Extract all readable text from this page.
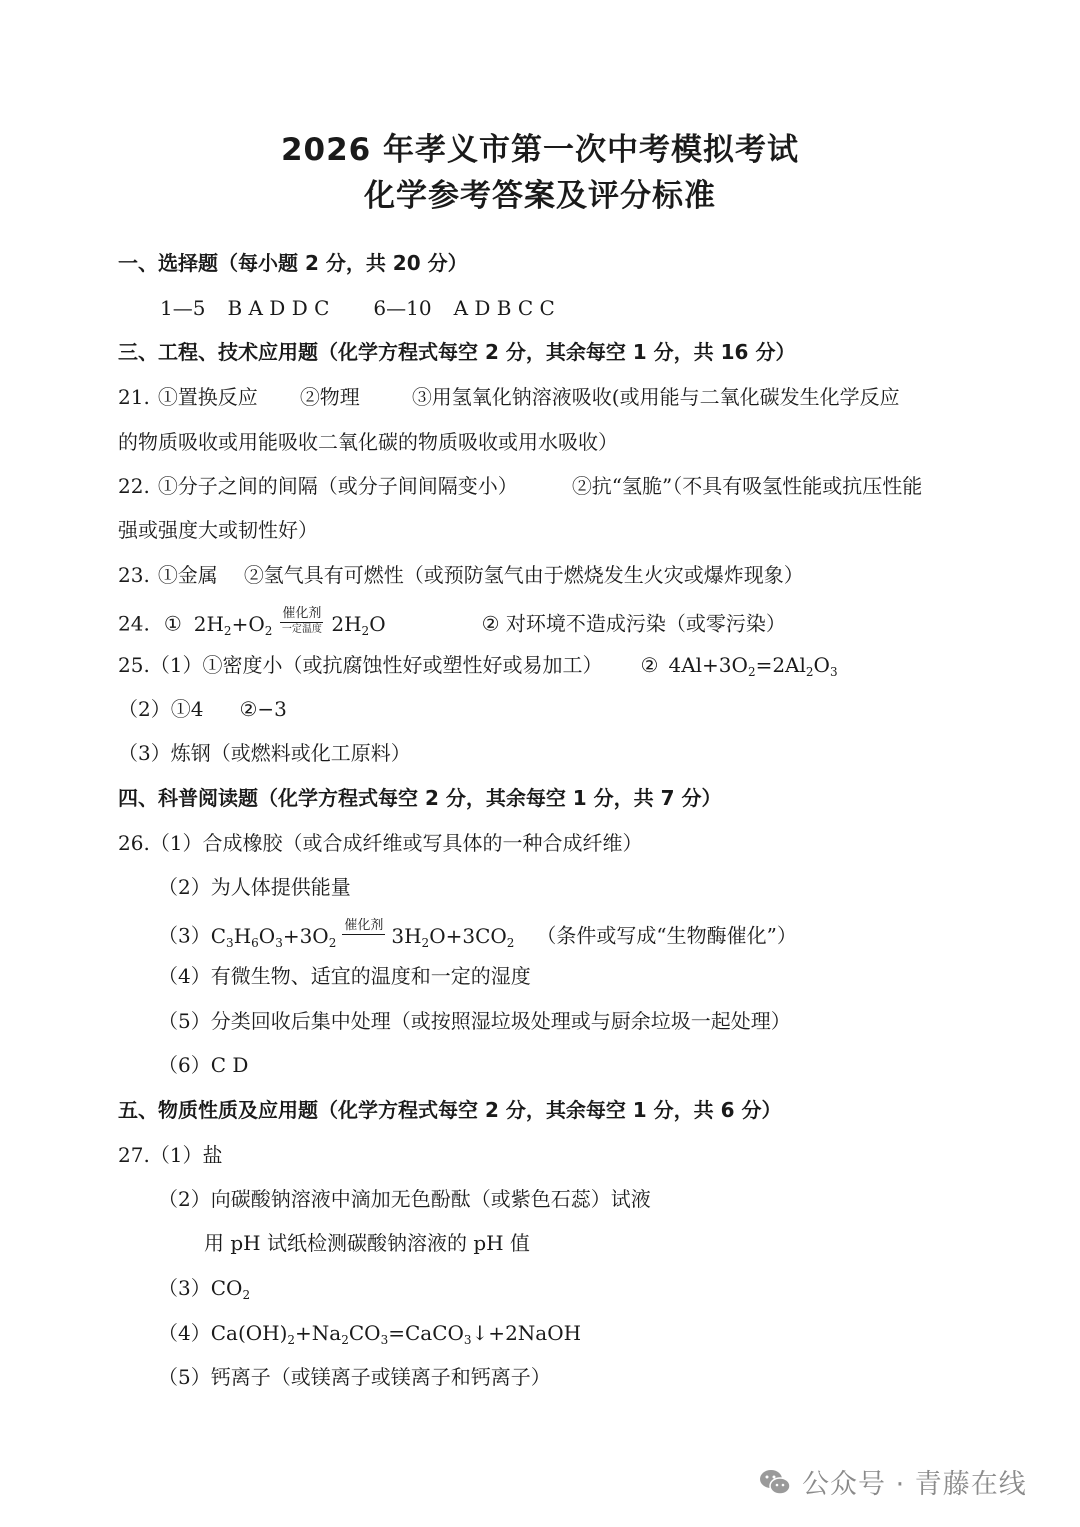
2026 年孝义市第一次中考模拟考试
化学参考答案及评分标准
一、选择题（每小题 2 分，共 20 分）
1—5 B A D D C 6—10 A D B C C
三、工程、技术应用题（化学方程式每空 2 分，其余每空 1 分，共 16 分）
21. ①置换反应 ②物理	③用氢氧化钠溶液吸收(或用能与二氧化碳发生化学反应
的物质吸收或用能吸收二氧化碳的物质吸收或用水吸收）
22. ①分子之间的间隔（或分子间间隔变小）	②抗“氢脆”（不具有吸氢性能或抗压性能
强或强度大或韧性好）
23. ①金属 ②氢气具有可燃性（或预防氢气由于燃烧发生火灾或爆炸现象）
24. ① $2H_2+O_2$
催化剂
一定温度 $2H_2O$	② 对环境不造成污染（或零污染）
25.（1）①密度小（或抗腐蚀性好或塑性好或易加工） ② $4Al+3O_2=2Al_2O_3$
（2）①4 ②−3
（3）炼钢（或燃料或化工原料）
四、科普阅读题（化学方程式每空 2 分，其余每空 1 分，共 7 分）
26.（1）合成橡胶（或合成纤维或写具体的一种合成纤维）
（2）为人体提供能量
$(3)C_3H_6O_3+3O_2$
催化剂
$3H_2O+3CO_2$ （条件或写成“生物酶催化”）
（4）有微生物、适宜的温度和一定的湿度
（5）分类回收后集中处理（或按照湿垃圾处理或与厨余垃圾一起处理）
（6）C D
五、物质性质及应用题（化学方程式每空 2 分，其余每空 1 分，共 6 分）
27.（1）盐
（2）向碳酸钠溶液中滴加无色酚酞（或紫色石蕊）试液
用 pH 试纸检测碳酸钠溶液的 pH 值
$(3)CO_2$
$(4)Ca(OH)_2+Na_2CO_3=CaCO_3↓+2NaOH$
（5）钙离子（或镁离子或镁离子和钙离子）
公众号 · 青藤在线
